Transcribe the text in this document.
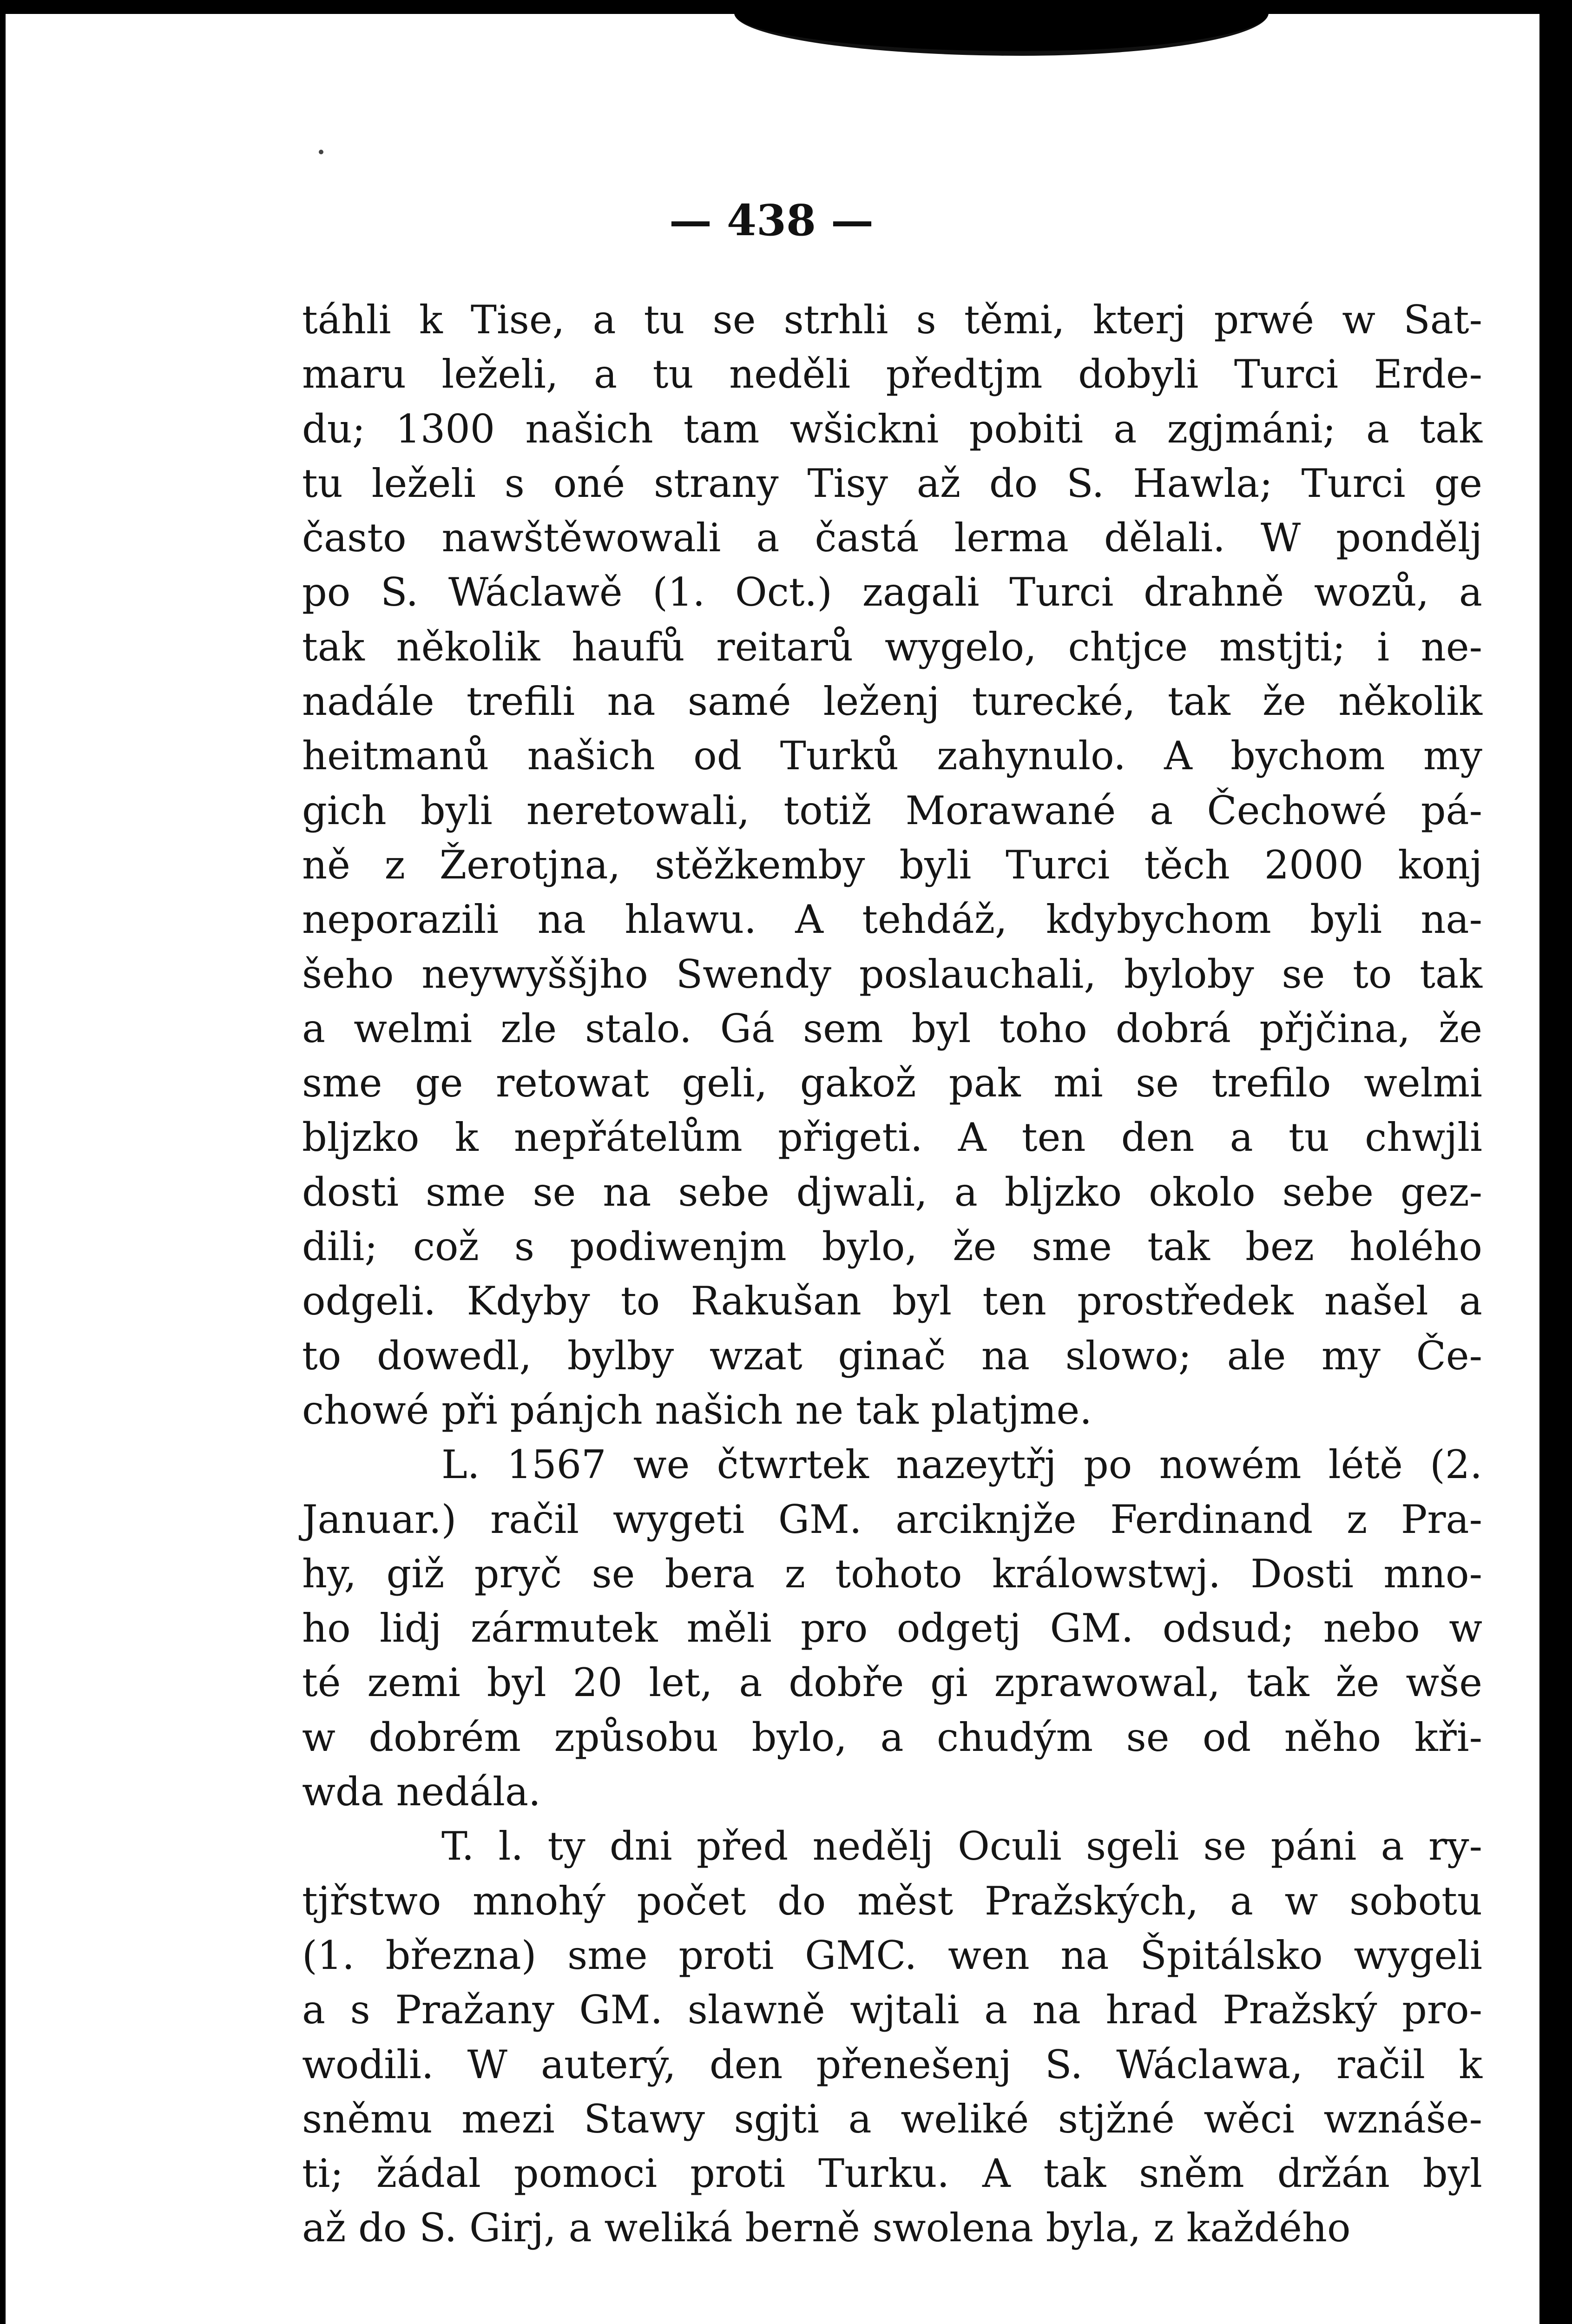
— 438 —
táhli k Tise, a tu se strhli s těmi, kterj prwé w Sat-
maru leželi, a tu neděli předtjm dobyli Turci Erde-
du; 1300 našich tam wšickni pobiti a zgjmáni; a tak
tu leželi s oné strany Tisy až do S. Hawla; Turci ge
často nawštěwowali a častá lerma dělali. W pondělj
po S. Wáclawě (1. Oct.) zagali Turci drahně wozů, a
tak několik haufů reitarů wygelo, chtjce mstjti; i ne-
nadále trefili na samé leženj turecké, tak že několik
heitmanů našich od Turků zahynulo. A bychom my
gich byli neretowali, totiž Morawané a Čechowé pá-
ně z Žerotjna, stěžkemby byli Turci těch 2000 konj
neporazili na hlawu. A tehdáž, kdybychom byli na-
šeho neywyššjho Swendy poslauchali, byloby se to tak
a welmi zle stalo. Gá sem byl toho dobrá přjčina, že
sme ge retowat geli, gakož pak mi se trefilo welmi
bljzko k nepřátelům přigeti. A ten den a tu chwjli
dosti sme se na sebe djwali, a bljzko okolo sebe gez-
dili; což s podiwenjm bylo, že sme tak bez holého
odgeli. Kdyby to Rakušan byl ten prostředek našel a
to dowedl, bylby wzat ginač na slowo; ale my Če-
chowé při pánjch našich ne tak platjme.
L. 1567 we čtwrtek nazeytřj po nowém létě (2.
Januar.) račil wygeti GM. arciknjže Ferdinand z Pra-
hy, giž pryč se bera z tohoto králowstwj. Dosti mno-
ho lidj zármutek měli pro odgetj GM. odsud; nebo w
té zemi byl 20 let, a dobře gi zprawowal, tak že wše
w dobrém způsobu bylo, a chudým se od něho kři-
wda nedála.
T. l. ty dni před nedělj Oculi sgeli se páni a ry-
tjřstwo mnohý počet do měst Pražských, a w sobotu
(1. března) sme proti GMC. wen na Špitálsko wygeli
a s Pražany GM. slawně wjtali a na hrad Pražský pro-
wodili. W auterý, den přenešenj S. Wáclawa, račil k
sněmu mezi Stawy sgjti a weliké stjžné wěci wznáše-
ti; žádal pomoci proti Turku. A tak sněm držán byl
až do S. Girj, a weliká berně swolena byla, z každého
